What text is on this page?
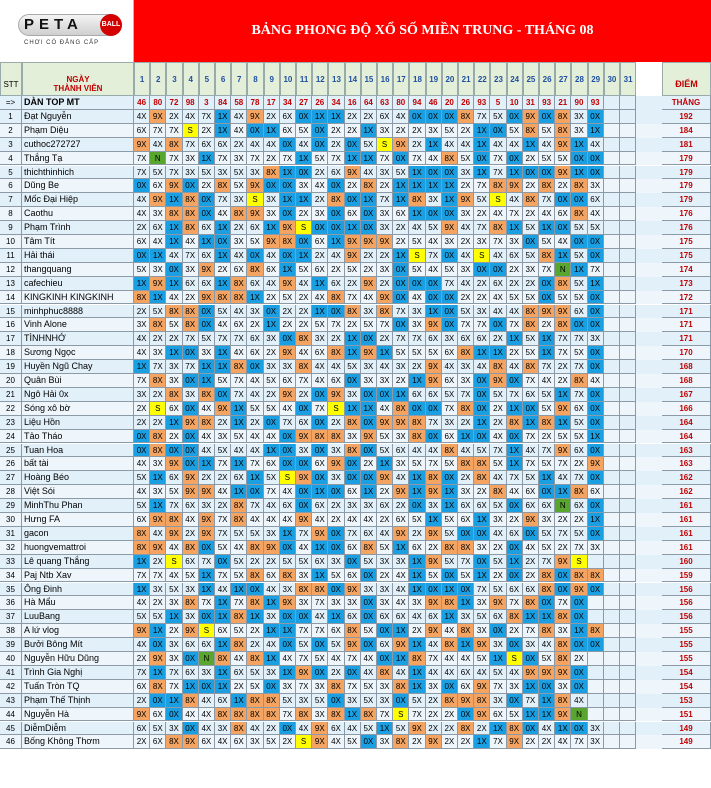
PETA	BALL
CHƠI CÓ ĐẲNG CẤP
BẢNG PHONG ĐỘ XỔ SỐ MIỀN TRUNG - THÁNG 08
$_{STT}$
NGÀY
THÀNH VIÊN
1	2	3	4	5	6	7	8	9	10 11 12 13 14 15 16 17 18 19 20 21 22 23 24 25 26 27 28 29 30 31	$_{ĐIỂM}$
=> DÀN TOP MT	46 80 72 98	3	84 58 78 17 34 27 26 34 16 64 63 80 94 46 20 26 93	5	10 31 93 21 90 93	THẮNG
1	Đạt Nguyễn	4X 9X 2X 4X 7X 1X 4X 9X 2X 6X 0X 1X 1X 2X 2X 6X 4X 0X 0X 0X 8X 7X 5X 0X 9X 0X 8X 3X 0X	192
2	Phạm Diệu	6X 7X 7X	S	2X 1X 4X 0X 1X 6X 5X 0X 2X 2X 1X 3X 2X 2X 3X 5X 2X 1X 0X 5X 8X 5X 8X 3X 1X	184
3	cuthoc272727	9X 4X 8X 7X 6X 6X 2X 4X 4X 0X 4X 0X 2X 0X 5X	S	9X 2X 1X 4X 4X 1X 4X 4X 1X 4X 9X 1X 4X	181
4	Thắng Tạ	7X	N	7X 3X 1X 7X 3X 7X 2X 7X 1X 5X 7X 1X 1X 7X 0X 7X 4X 8X 5X 0X 7X 0X 2X 5X 5X 0X 0X	179
5	thichthinhich	7X 5X 7X 3X 5X 3X 5X 3X 8X 1X 0X 2X 6X 9X 4X 3X 5X 1X 0X 0X 3X 1X 7X 1X 0X 0X 9X 1X 0X	179
6	Dũng Be	0X 6X 9X 0X 2X 8X 5X 9X 0X 0X 3X 4X 0X 2X 8X 2X 1X 1X 1X 1X 2X 7X 8X 9X 2X 8X 2X 8X 3X	179
7	Mốc Đại Hiệp	4X 9X 1X 8X 0X 7X 3X	S	3X 1X 1X 2X 8X 0X 1X 7X 1X 8X 3X 1X 9X 5X	S	4X 8X 7X 0X 0X 6X	179
8	Caothu	4X 3X 8X 8X 0X 4X 8X 9X 3X 0X 2X 3X 0X 6X 0X 3X 6X 1X 0X 0X 3X 2X 4X 7X 2X 4X 6X 8X 4X	176
9	Phạm Trình	2X 6X 1X 8X 6X 1X 2X 6X 1X 9X	S	0X 0X 1X 0X 3X 2X 4X 5X 9X 4X 7X 8X 1X 5X 1X 0X 5X 5X	176
10	Tâm Tít	6X 4X 1X 4X 1X 0X 3X 5X 9X 8X 0X 6X 1X 9X 9X 9X 2X 5X 4X 3X 2X 3X 7X 3X 0X 5X 4X 0X 0X	175
11	Hải thái	0X 1X 4X 7X 6X 1X 4X 0X 4X 0X 1X 2X 4X 9X 2X 2X 1X	S	7X 0X 4X	S	4X 6X 5X 8X 1X 5X 0X	175
12	thangquang	5X 3X 0X 3X 9X 2X 6X 8X 6X 1X 5X 6X 2X 5X 2X 3X 0X 5X 4X 5X 3X 0X 0X 2X 3X 7X	N	1X 7X	174
13	cafechieu	1X 9X 1X 6X 6X 1X 8X 6X 4X 9X 4X 1X 6X 2X 9X 2X 0X 0X 0X 7X 4X 2X 6X 2X 2X 0X 8X 5X 1X	173
14	KINGKINH KINGKINH	8X 1X 4X 2X 9X 8X 8X 1X 2X 5X 2X 4X 8X 7X 4X 9X 0X 4X 0X 0X 2X 2X 4X 5X 5X 0X 5X 5X 0X	172
15	minhphuc8888	2X 5X 8X 8X 0X 5X 4X 3X 0X 2X 2X 1X 0X 8X 3X 8X 7X 3X 1X 0X 5X 3X 4X 4X 8X 9X 9X 6X 0X	171
16	Vinh Alone	3X 8X 5X 8X 0X 4X 6X 2X 1X 2X 2X 5X 7X 2X 5X 7X 0X 3X 9X 0X 7X 7X 0X 7X 8X 2X 8X 0X 0X	171
17	TÌNHNHỚ	4X 2X 2X 7X 5X 7X 7X 6X 3X 0X 8X 3X 2X 1X 0X 2X 7X 7X 6X 3X 6X 6X 2X 1X 5X 1X 7X 7X 3X	171
18	Sương Ngọc	4X 3X 1X 0X 3X 1X 4X 6X 2X 9X 4X 6X 8X 1X 9X 1X 5X 5X 5X 6X 8X 1X 1X 2X 5X 1X 7X 5X 0X	170
19	Huyền Ngũ Chay	1X 7X 3X 7X 1X 1X 8X 0X 3X 3X 8X 4X 4X 5X 3X 4X 3X 2X 9X 4X 3X 4X 8X 4X 8X 7X 2X 7X 0X	168
20	Quân Bùi	7X 8X 3X 0X 1X 5X 7X 4X 5X 6X 7X 4X 6X 0X 3X 3X 2X 1X 9X 6X 3X 0X 9X 0X 7X 4X 2X 8X 4X	168
21	Ngô Hải 0x	3X 2X 8X 3X 8X 0X 7X 4X 2X 9X 2X 0X 9X 3X 0X 0X 1X 6X 6X 5X 7X 0X 5X 7X 6X 5X 1X 7X 0X	167
22	Sóng xô bờ	2X	S	6X 0X 4X 9X 1X 5X 5X 4X 0X 7X	S	1X 1X 4X 8X 0X 0X 7X 8X 0X 2X 1X 0X 5X 9X 6X 0X	166
23	Liệu Hồn	2X 2X 1X 9X 8X 2X 1X 2X 0X 7X 6X 0X 2X 8X 0X 9X 9X 8X 7X 3X 2X 1X 2X 8X 1X 8X 1X 5X 0X	164
24	Tảo Tháo	0X 8X 2X 0X 4X 3X 5X 4X 4X 0X 9X 8X 8X 3X 9X 5X 3X 8X 0X 6X 1X 0X 4X 0X 7X 2X 5X 5X 1X	164
25	Tuan Hoa	0X 8X 0X 0X 4X 5X 4X 4X 1X 0X 3X 0X 3X 8X 0X 5X 6X 4X 4X 8X 4X 5X 7X 1X 4X 7X 9X 6X 0X	163
26	bất tài	4X 3X 9X 0X 1X 7X 1X 7X 6X 0X 0X 6X 9X 0X 2X 1X 3X 5X 7X 5X 8X 8X 5X 1X 7X 5X 7X 2X 9X	163
27	Hoàng Béo	5X 1X 6X 9X 2X 2X 6X 1X 5X	S	9X 0X 3X 0X 0X 9X 4X 1X 8X 0X 2X 8X 4X 7X 5X 1X 4X 7X 0X	162
28	Việt Sói	4X 3X 5X 9X 9X 4X 1X 0X 7X 4X 0X 1X 0X 6X 1X 2X 9X 1X 9X 1X 3X 2X 8X 4X 6X 0X 1X 8X 6X	162
29	MinhThu Phan	5X 1X 7X 6X 3X 2X 8X 7X 4X 6X 0X 6X 2X 3X 3X 6X 2X 0X 3X 1X 6X 6X 5X 0X 6X 6X	N	6X 0X	161
30	Hưng FA	6X 9X 8X 4X 9X 7X 8X 4X 4X 4X 9X 4X 2X 4X 4X 2X 6X 5X 1X 5X 6X 1X 3X 2X 9X 3X 2X 2X 1X	161
31	gacon	8X 4X 9X 2X 9X 7X 5X 5X 3X 1X 7X 9X 0X 7X 6X 4X 9X 2X 9X 5X 0X 0X 4X 6X 0X 5X 7X 5X 0X	161
32	huongvemattroi	8X 9X 4X 8X 0X 5X 4X 8X 9X 0X 4X 1X 0X 6X 8X 5X 1X 6X 2X 8X 8X 3X 2X 0X 4X 5X 2X 7X 3X	161
33	Lê quang Thắng	1X 2X	S	6X 7X 0X 5X 2X 2X 5X 5X 6X 3X 0X 5X 3X 3X 1X 9X 5X 7X 0X 5X 1X 2X 7X 9X	S	160
34	Paj Ntb Xav	7X 7X 4X 5X 1X 7X 5X 8X 6X 8X 3X 1X 5X 6X 0X 2X 4X 1X 5X 0X 5X 1X 2X 0X 2X 8X 0X 8X 8X	159
35	Ông Đinh	1X 3X 5X 3X 1X 4X 1X 0X 4X 3X 8X 8X 0X 9X 3X 3X 4X 1X 0X 1X 0X 7X 5X 6X 6X 8X 0X 9X 0X	156
36	Hà Mẩu	4X 2X 3X 8X 7X 1X 7X 8X 1X 9X 3X 7X 3X 3X 0X 3X 4X 3X 9X 8X 1X 3X 9X 7X 8X 0X 7X 0X	156
37	LuuBang	5X 5X 1X 3X 0X 1X 8X 1X 3X 0X 0X 4X 1X 6X 0X 6X 6X 4X 6X 1X 3X 5X 6X 8X 1X 1X 8X 0X	156
38	A lứ vlog	9X 1X 2X 9X	S	6X 5X 2X 1X 1X 7X 7X 6X 8X 5X 0X 1X 2X 9X 4X 8X 3X 0X 2X 7X 8X 3X 1X 8X	155
39	Bưởi Bông Mít	4X 0X 3X 6X 6X 1X 8X 2X 4X 0X 5X 0X 5X 9X 0X 6X 9X 1X 4X 8X 1X 9X 3X 0X 3X 4X 8X 0X 0X	155
40	Nguyễn Hữu Dũng	2X 9X 3X 0X	N	8X 4X 8X 1X 4X 7X 5X 4X 7X 4X 0X 1X 8X 7X 4X 4X 5X 1X	S	0X 5X 8X 2X	155
41	Trình Gia Nghị	7X 1X 7X 6X 3X 1X 6X 5X 3X 1X 9X 0X 2X 0X 4X 8X 4X 1X 4X 4X 6X 4X 5X 4X 9X 9X 9X 0X	154
42	Tuấn Tròn TQ	6X 8X 7X 1X 0X 1X 2X 5X 0X 3X 7X 3X 8X 7X 5X 3X 8X 1X 3X 0X 6X 9X 7X 3X 1X 0X 3X 0X	154
43	Phạm Thế Thịnh	2X 0X 1X 8X 4X 6X 1X 8X 8X 5X 3X 5X 0X 3X 5X 3X 0X 5X 2X 8X 9X 8X 3X 0X 7X 1X 8X 4X	153
44	Nguyễn Hà	9X 6X 0X 4X 4X 8X 8X 8X 8X 7X 8X 3X 8X 1X 8X 7X	S	7X 2X 2X 0X 9X 6X 5X 1X 1X 9X	N	151
45	DiễmDiễm	6X 5X 3X 0X 4X 3X 8X 4X 2X 0X 4X 9X 6X 4X 5X 1X 5X 9X 2X 2X 8X 2X 1X 8X 0X 4X 1X 0X 3X	149
46	Bống Không Thơm	2X 6X 8X 9X 6X 4X 6X 3X 5X 2X	S	9X 4X 5X 0X 3X 8X 2X 9X 2X 2X 1X 7X 9X 2X 2X 4X 7X 3X	149
